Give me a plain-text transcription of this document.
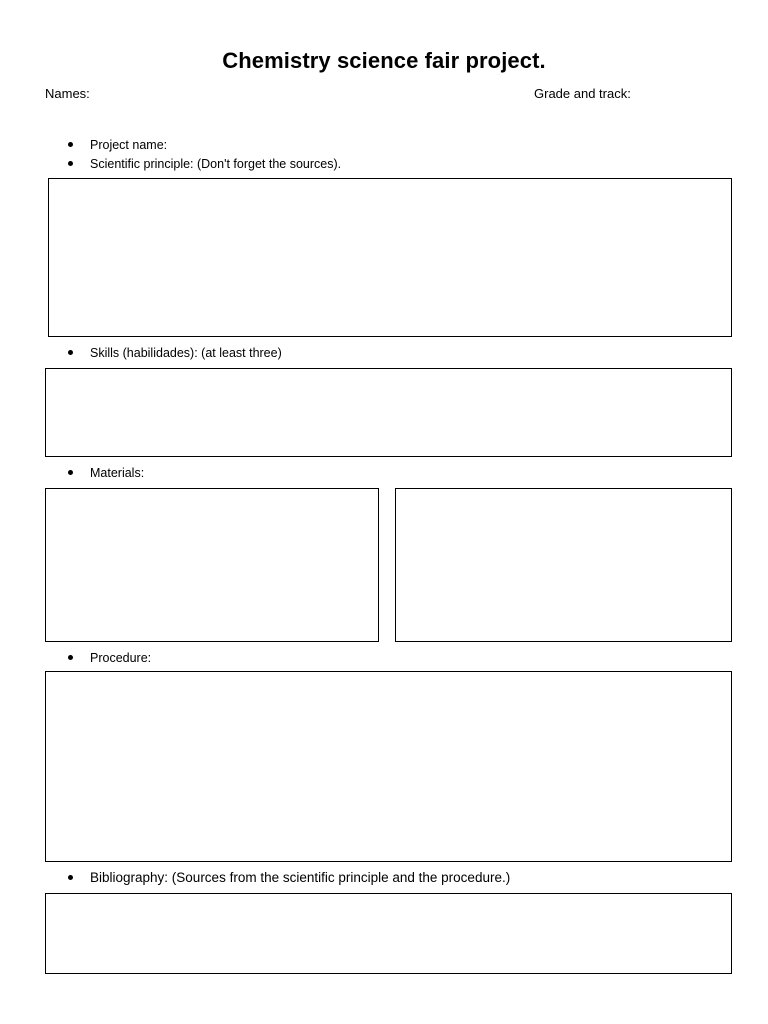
Chemistry science fair project.
Names:	Grade and track:
Project name:
Scientific principle: (Don't forget the sources).
Skills (habilidades): (at least three)
Materials:
Procedure:
Bibliography: (Sources from the scientific principle and the procedure.)
